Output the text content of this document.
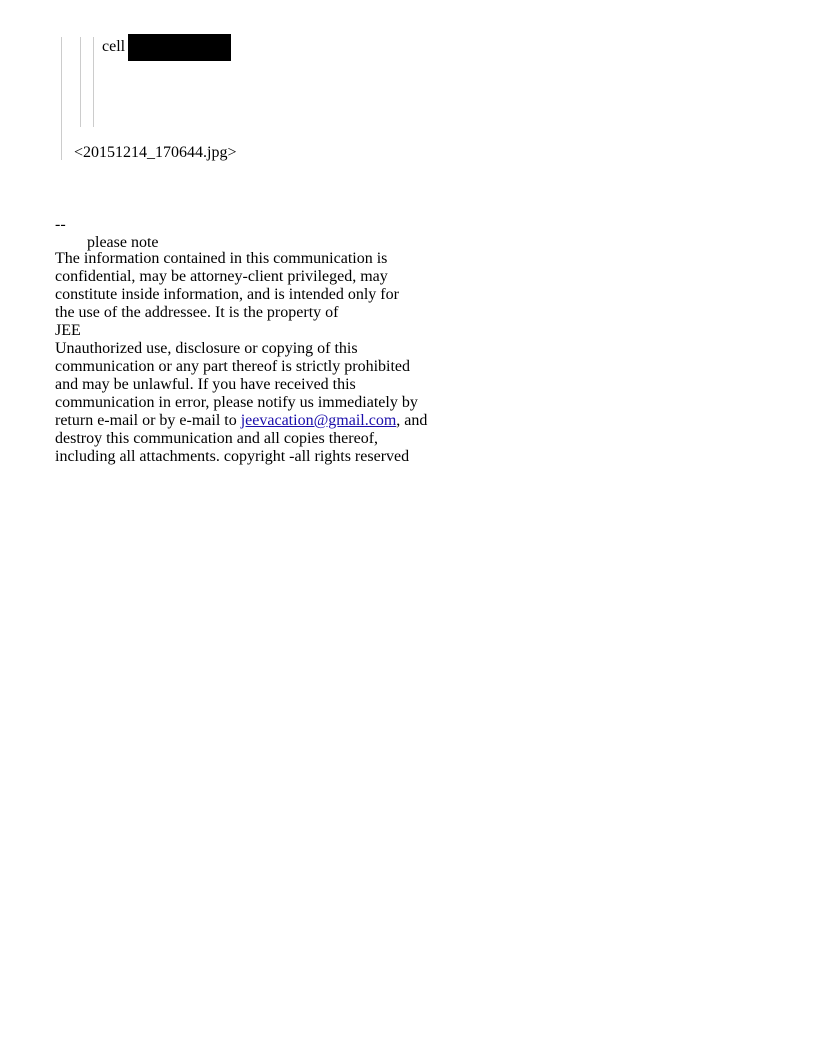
cell
<20151214_170644.jpg>
--
please note
The information contained in this communication is
confidential, may be attorney-client privileged, may
constitute inside information, and is intended only for
the use of the addressee. It is the property of
JEE
Unauthorized use, disclosure or copying of this
communication or any part thereof is strictly prohibited
and may be unlawful. If you have received this
communication in error, please notify us immediately by
return e-mail or by e-mail to jeevacation@gmail.com, and
destroy this communication and all copies thereof,
including all attachments. copyright -all rights reserved
